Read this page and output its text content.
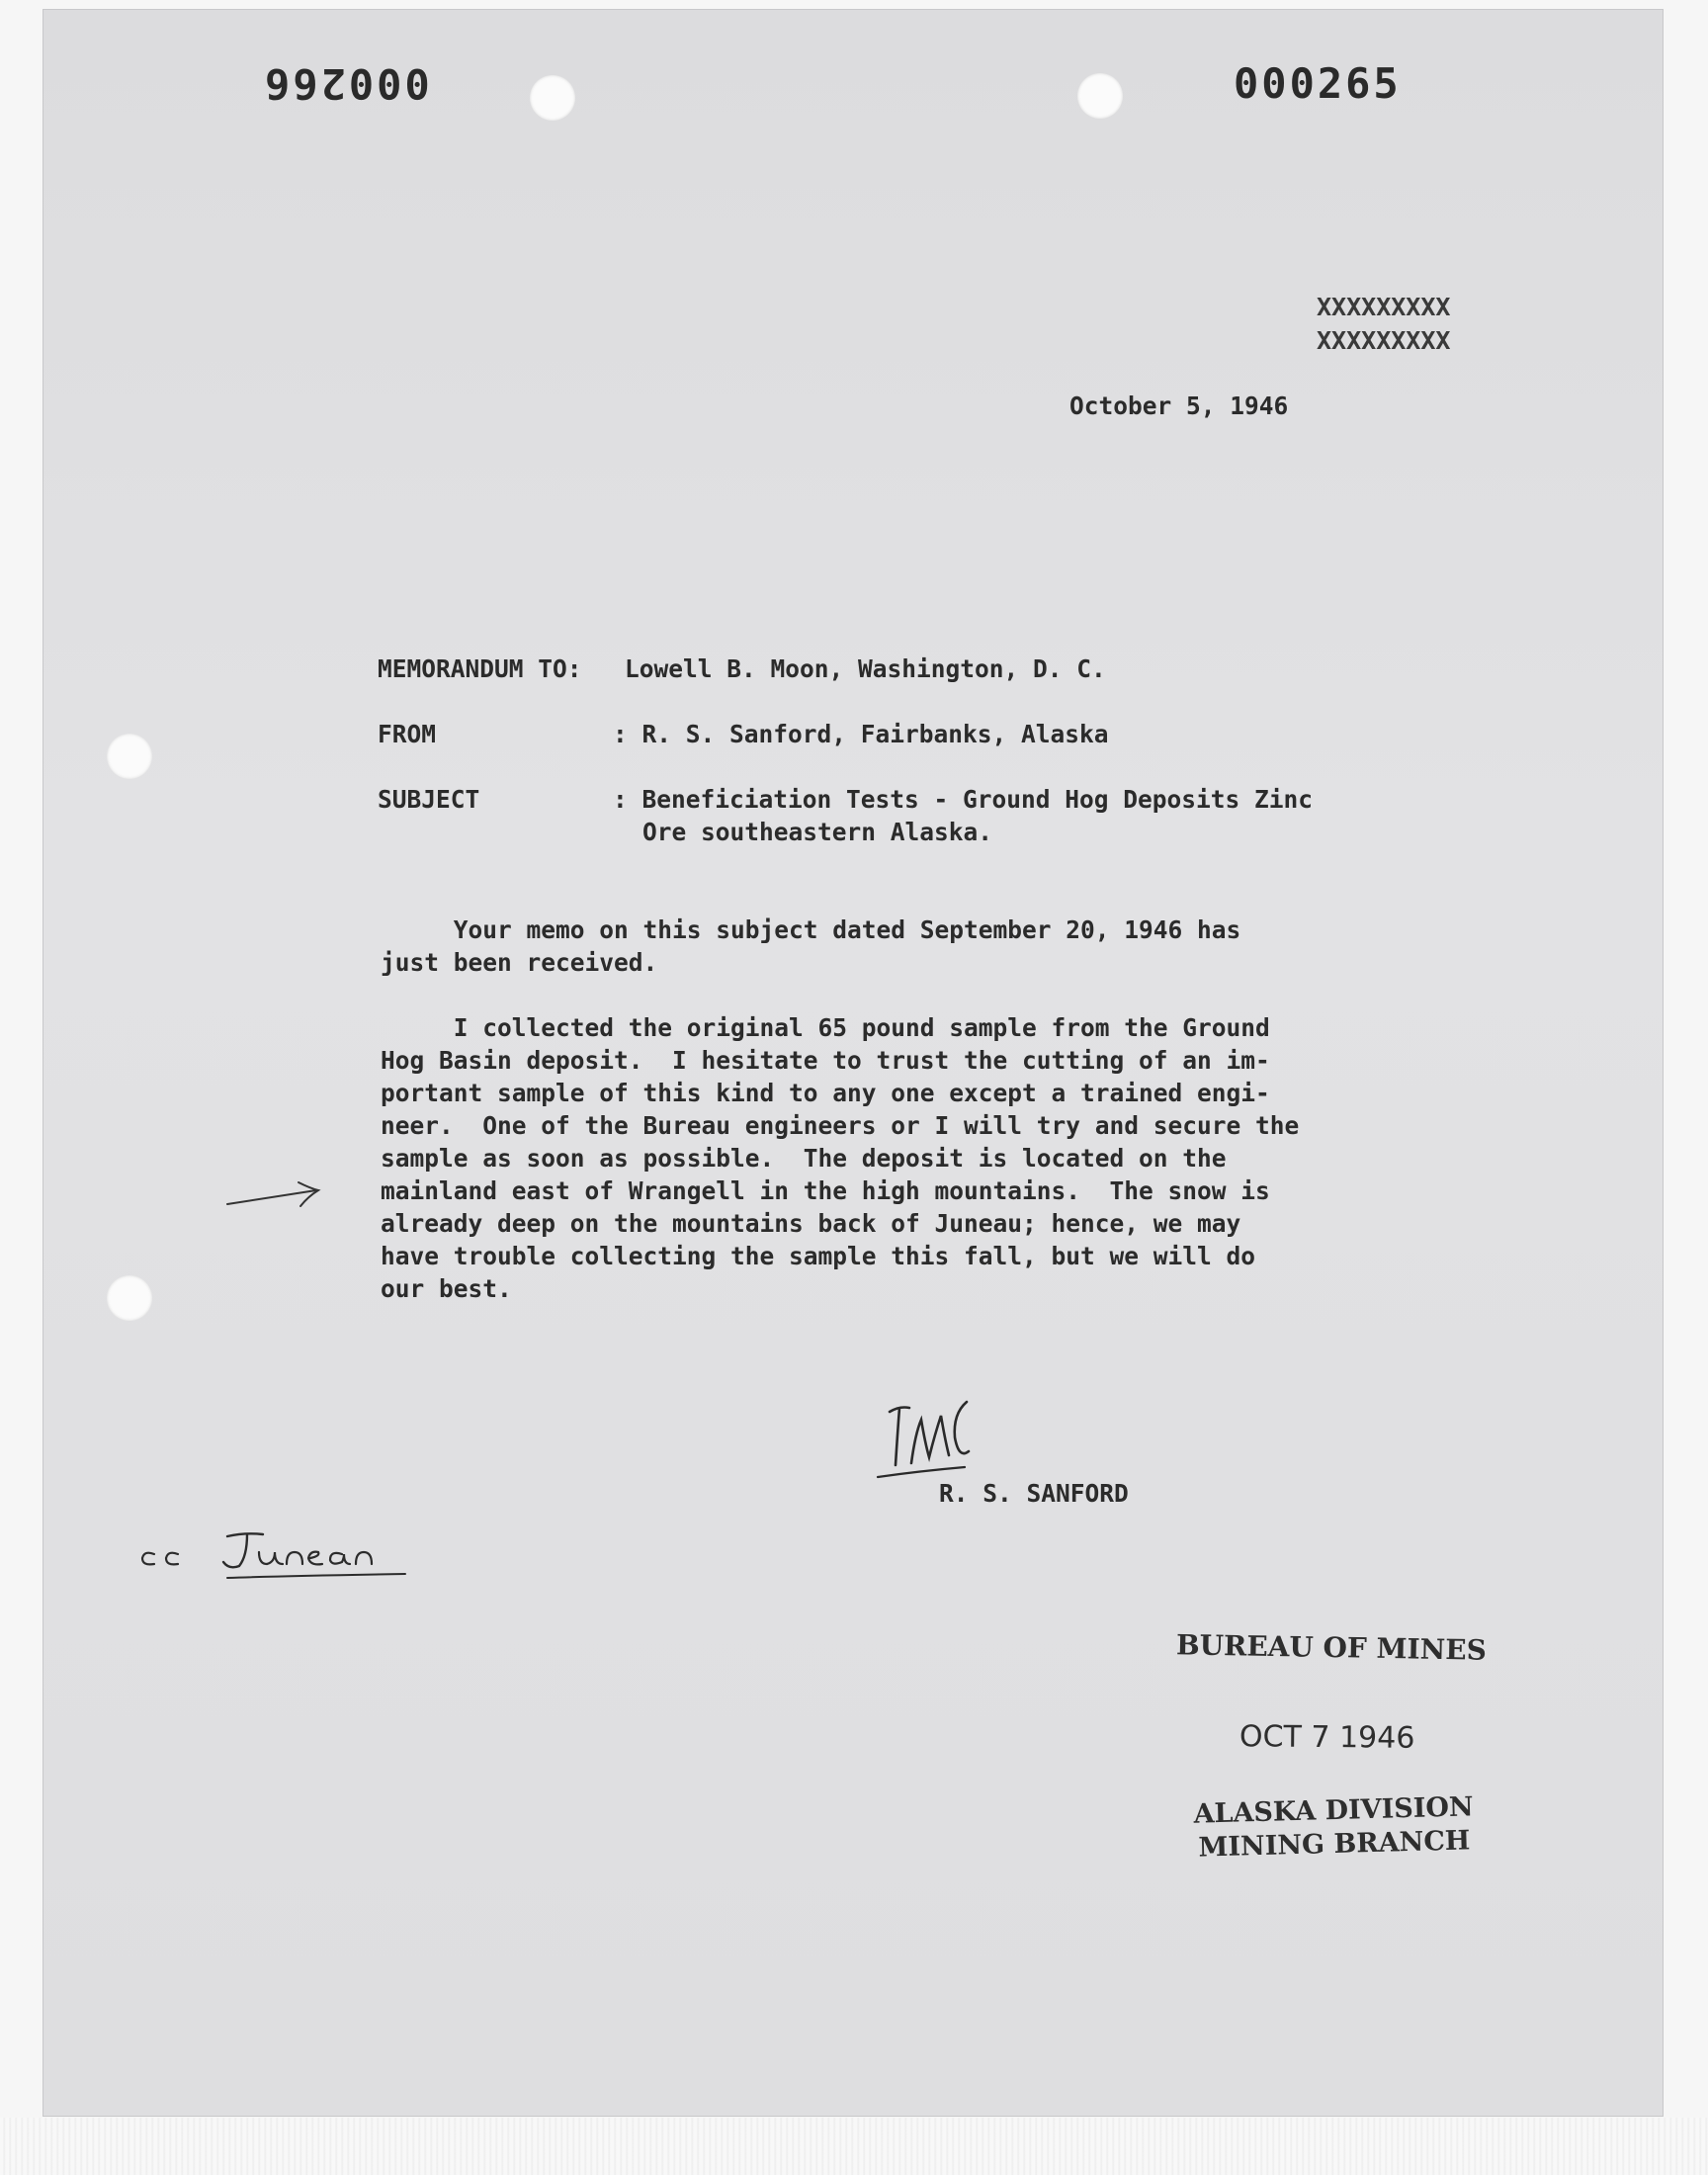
000266	000265
XXXXXXXXX
XXXXXXXXX
October 5, 1946
MEMORANDUM TO: Lowell B. Moon, Washington, D. C.
FROM	: R. S. Sanford, Fairbanks, Alaska
SUBJECT	: Beneficiation Tests - Ground Hog Deposits Zinc
Ore southeastern Alaska.
Your memo on this subject dated September 20, 1946 has
just been received.
I collected the original 65 pound sample from the Ground
Hog Basin deposit.  I hesitate to trust the cutting of an im-
portant sample of this kind to any one except a trained engi-
neer.  One of the Bureau engineers or I will try and secure the
sample as soon as possible.  The deposit is located on the
mainland east of Wrangell in the high mountains.  The snow is
already deep on the mountains back of Juneau; hence, we may
have trouble collecting the sample this fall, but we will do
our best.
R. S. SANFORD
BUREAU OF MINES
OCT 7 1946
ALASKA DIVISION
MINING BRANCH
